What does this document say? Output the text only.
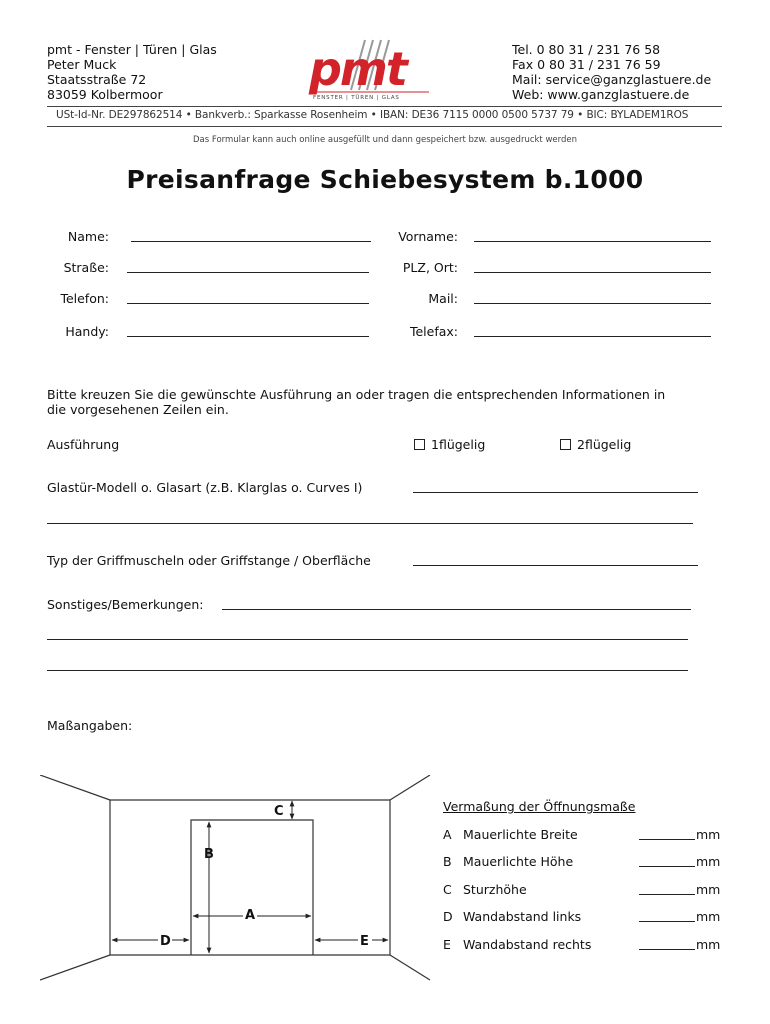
pmt - Fenster | Türen | Glas
Peter Muck
Staatsstraße 72
83059 Kolbermoor	pmt
FENSTER | TÜREN | GLAS
Tel. 0 80 31 / 231 76 58
Fax 0 80 31 / 231 76 59
Mail: service@ganzglastuere.de
Web: www.ganzglastuere.de
USt-Id-Nr. DE297862514 • Bankverb.: Sparkasse Rosenheim • IBAN: DE36 7115 0000 0500 5737 79 • BIC: BYLADEM1ROS
Das Formular kann auch online ausgefüllt und dann gespeichert bzw. ausgedruckt werden
Preisanfrage Schiebesystem b.1000
Name:	Vorname:
Straße:	PLZ, Ort:
Telefon:	Mail:
Handy:	Telefax:
Bitte kreuzen Sie die gewünschte Ausführung an oder tragen die entsprechenden Informationen in
die vorgesehenen Zeilen ein.
Ausführung	1flügelig	2flügelig
Glastür-Modell o. Glasart (z.B. Klarglas o. Curves I)
Typ der Griffmuscheln oder Griffstange / Oberfläche
Sonstiges/Bemerkungen:
Maßangaben:
C
B
A
D	E
Vermaßung der Öffnungsmaße
A Mauerlichte Breite	mm
B Mauerlichte Höhe	mm
C Sturzhöhe	mm
D Wandabstand links	mm
E Wandabstand rechts	mm
